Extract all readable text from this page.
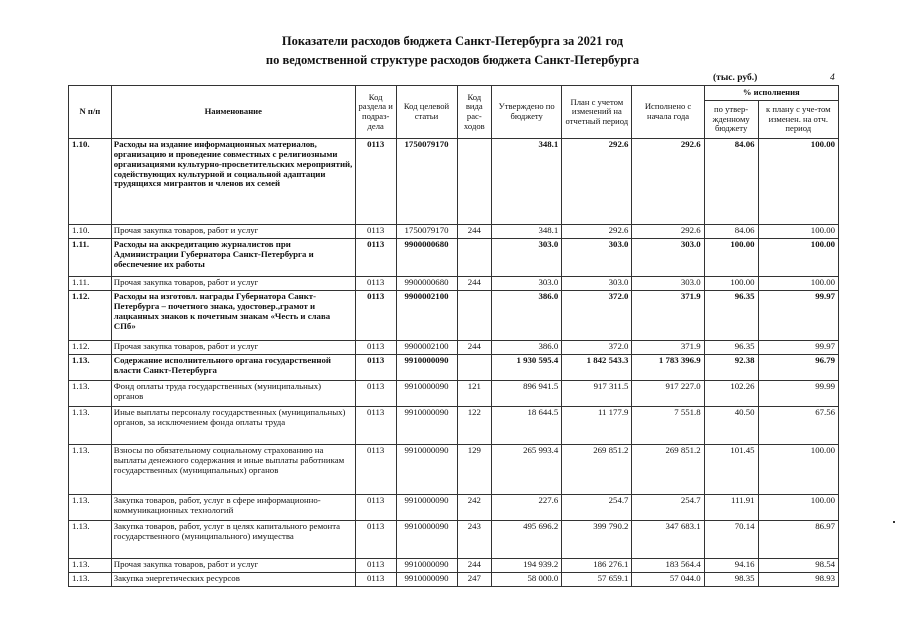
Показатели расходов бюджета Санкт-Петербурга за 2021 год
по ведомственной структуре расходов бюджета Санкт-Петербурга
(тыс. руб.)	4
N п/п	Наименование	Код раздела и подраз-дела	Код целевой статьи	Код вида рас-ходов	Утверждено по бюджету	План с учетом изменений на отчетный период	Исполнено с начала года	% исполнения	
								по утвер-жденному бюджету	к плану с уче-том изменен. на отч. период
1.10.	Расходы на издание информационных материалов, организацию и проведение совместных с религиозными организациями культурно-просветительских мероприятий, содействующих культурной и социальной адаптации трудящихся мигрантов и членов их семей	0113	1750079170		348.1	292.6	292.6	84.06	100.00
1.10.	Прочая закупка товаров, работ и услуг	0113	1750079170	244	348.1	292.6	292.6	84.06	100.00
1.11.	Расходы на аккредитацию журналистов при Администрации Губернатора Санкт-Петербурга и обеспечение их работы	0113	9900000680		303.0	303.0	303.0	100.00	100.00
1.11.	Прочая закупка товаров, работ и услуг	0113	9900000680	244	303.0	303.0	303.0	100.00	100.00
1.12.	Расходы на изготовл. награды Губернатора Санкт-Петербурга – почетного знака, удостовер.,грамот и лацканных знаков к почетным знакам «Честь и слава СПб»	0113	9900002100		386.0	372.0	371.9	96.35	99.97
1.12.	Прочая закупка товаров, работ и услуг	0113	9900002100	244	386.0	372.0	371.9	96.35	99.97
1.13.	Содержание исполнительного органа государственной власти Санкт-Петербурга	0113	9910000090		1 930 595.4	1 842 543.3	1 783 396.9	92.38	96.79
1.13.	Фонд оплаты труда государственных (муниципальных) органов	0113	9910000090	121	896 941.5	917 311.5	917 227.0	102.26	99.99
1.13.	Иные выплаты персоналу государственных (муниципальных) органов, за исключением фонда оплаты труда	0113	9910000090	122	18 644.5	11 177.9	7 551.8	40.50	67.56
1.13.	Взносы по обязательному социальному страхованию на выплаты денежного содержания и иные выплаты работникам государственных (муниципальных) органов	0113	9910000090	129	265 993.4	269 851.2	269 851.2	101.45	100.00
1.13.	Закупка товаров, работ, услуг в сфере информационно-коммуникационных технологий	0113	9910000090	242	227.6	254.7	254.7	111.91	100.00
1.13.	Закупка товаров, работ, услуг в целях капитального ремонта государственного (муниципального) имущества	0113	9910000090	243	495 696.2	399 790.2	347 683.1	70.14	86.97
1.13.	Прочая закупка товаров, работ и услуг	0113	9910000090	244	194 939.2	186 276.1	183 564.4	94.16	98.54
1.13.	Закупка энергетических ресурсов	0113	9910000090	247	58 000.0	57 659.1	57 044.0	98.35	98.93
